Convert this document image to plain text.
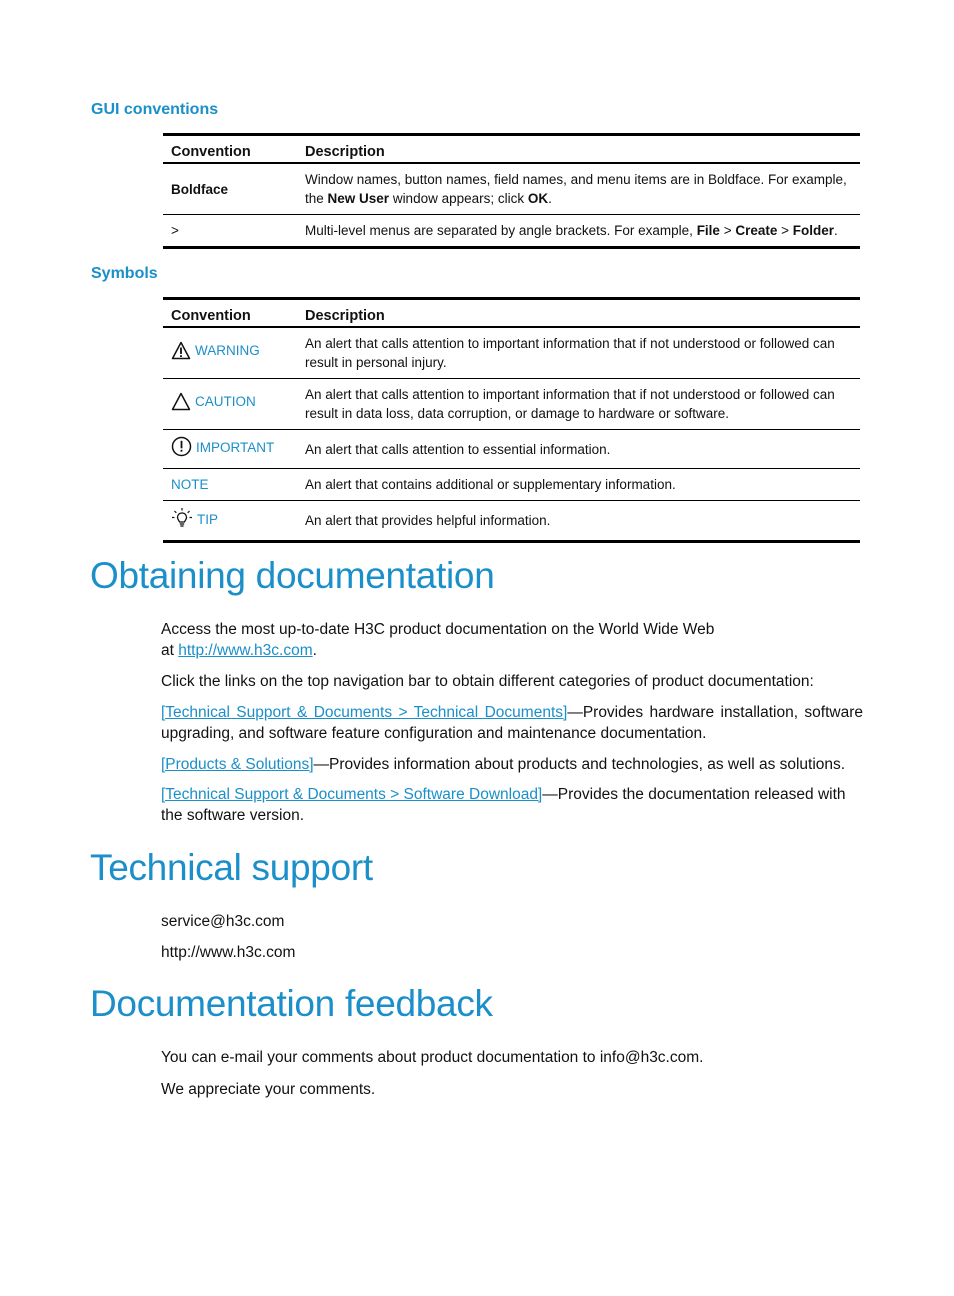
GUI conventions
Convention	Description
Boldface	Window names, button names, field names, and menu items are in Boldface. For example, the New User window appears; click OK.
>	Multi-level menus are separated by angle brackets. For example, File > Create > Folder.
Symbols
Convention	Description

WARNING	An alert that calls attention to important information that if not understood or followed can result in personal injury.

CAUTION	An alert that calls attention to important information that if not understood or followed can result in data loss, data corruption, or damage to hardware or software.

IMPORTANT	An alert that calls attention to essential information.
NOTE	An alert that contains additional or supplementary information.

TIP	An alert that provides helpful information.
Obtaining documentation

Access the most up-to-date H3C product documentation on the World Wide Web
at http://www.h3c.com.

Click the links on the top navigation bar to obtain different categories of product documentation:

[Technical Support & Documents > Technical Documents]—Provides hardware installation, software upgrading, and software feature configuration and maintenance documentation.

[Products & Solutions]—Provides information about products and technologies, as well as solutions.

[Technical Support & Documents > Software Download]—Provides the documentation released with the software version.

Technical support

service@h3c.com

http://www.h3c.com

Documentation feedback

You can e-mail your comments about product documentation to info@h3c.com.

We appreciate your comments.
